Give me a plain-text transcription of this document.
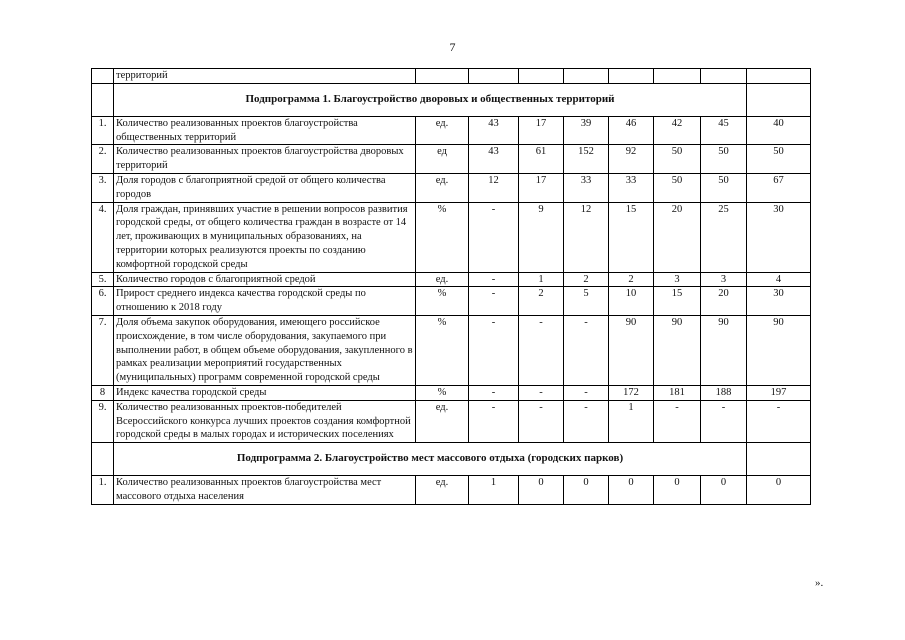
7
	территорий								
	Подпрограмма 1. Благоустройство дворовых и общественных территорий								
1.	Количество реализованных проектов благоустройства общественных территорий	ед.	43	17	39	46	42	45	40
2.	Количество реализованных проектов благоустройства дворовых территорий	ед	43	61	152	92	50	50	50
3.	Доля городов с благоприятной средой от общего количества городов	ед.	12	17	33	33	50	50	67
4.	Доля граждан, принявших участие в решении вопросов развития городской среды, от общего количества граждан в возрасте от 14 лет, проживающих в муниципальных образованиях, на территории которых реализуются проекты по созданию комфортной городской среды	%	-	9	12	15	20	25	30
5.	Количество городов с благоприятной средой	ед.	-	1	2	2	3	3	4
6.	Прирост среднего индекса качества городской среды по отношению к 2018 году	%	-	2	5	10	15	20	30
7.	Доля объема закупок оборудования, имеющего российское происхождение, в том числе оборудования, закупаемого при выполнении работ, в общем объеме оборудования, закупленного в рамках реализации мероприятий государственных (муниципальных) программ современной городской среды	%	-	-	-	90	90	90	90
8	Индекс качества городской среды	%	-	-	-	172	181	188	197
9.	Количество реализованных проектов-победителей Всероссийского конкурса лучших проектов создания комфортной городской среды в малых городах и исторических поселениях	ед.	-	-	-	1	-	-	-
	Подпрограмма 2. Благоустройство мест массового отдыха (городских парков)								
1.	Количество реализованных проектов благоустройства мест массового отдыха населения	ед.	1	0	0	0	0	0	0
».
